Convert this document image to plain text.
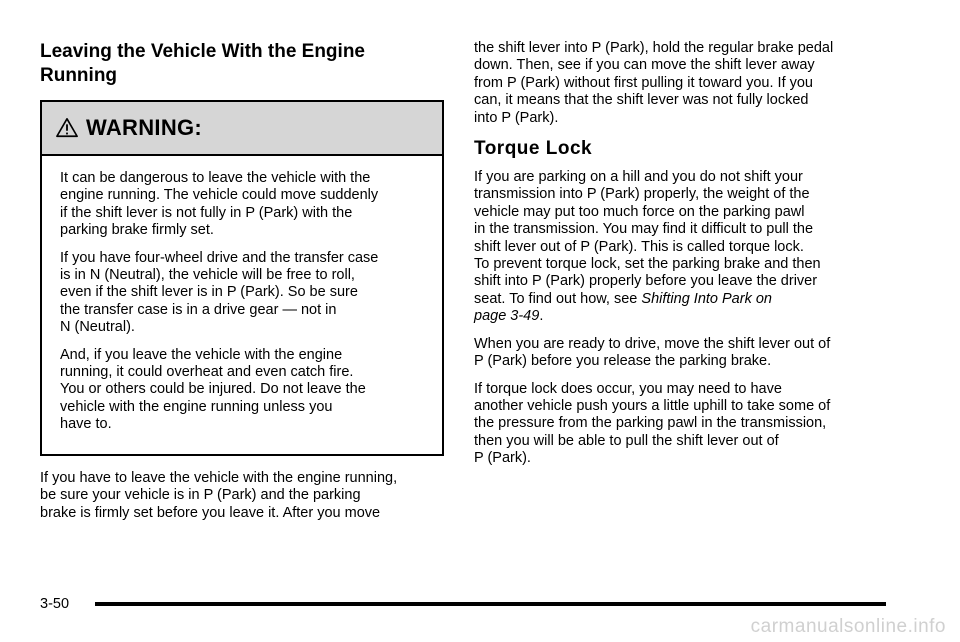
Leaving the Vehicle With the Engine
Running
WARNING:

It can be dangerous to leave the vehicle with the
engine running. The vehicle could move suddenly
if the shift lever is not fully in P (Park) with the
parking brake firmly set.

If you have four-wheel drive and the transfer case
is in N (Neutral), the vehicle will be free to roll,
even if the shift lever is in P (Park). So be sure
the transfer case is in a drive gear — not in
N (Neutral).

And, if you leave the vehicle with the engine
running, it could overheat and even catch fire.
You or others could be injured. Do not leave the
vehicle with the engine running unless you
have to.

If you have to leave the vehicle with the engine running,
be sure your vehicle is in P (Park) and the parking
brake is firmly set before you leave it. After you move

the shift lever into P (Park), hold the regular brake pedal
down. Then, see if you can move the shift lever away
from P (Park) without first pulling it toward you. If you
can, it means that the shift lever was not fully locked
into P (Park).

Torque Lock

If you are parking on a hill and you do not shift your
transmission into P (Park) properly, the weight of the
vehicle may put too much force on the parking pawl
in the transmission. You may find it difficult to pull the
shift lever out of P (Park). This is called torque lock.
To prevent torque lock, set the parking brake and then
shift into P (Park) properly before you leave the driver
seat. To find out how, see Shifting Into Park on
page 3‑49.

When you are ready to drive, move the shift lever out of
P (Park) before you release the parking brake.

If torque lock does occur, you may need to have
another vehicle push yours a little uphill to take some of
the pressure from the parking pawl in the transmission,
then you will be able to pull the shift lever out of
P (Park).

3-50
carmanualsonline.info
